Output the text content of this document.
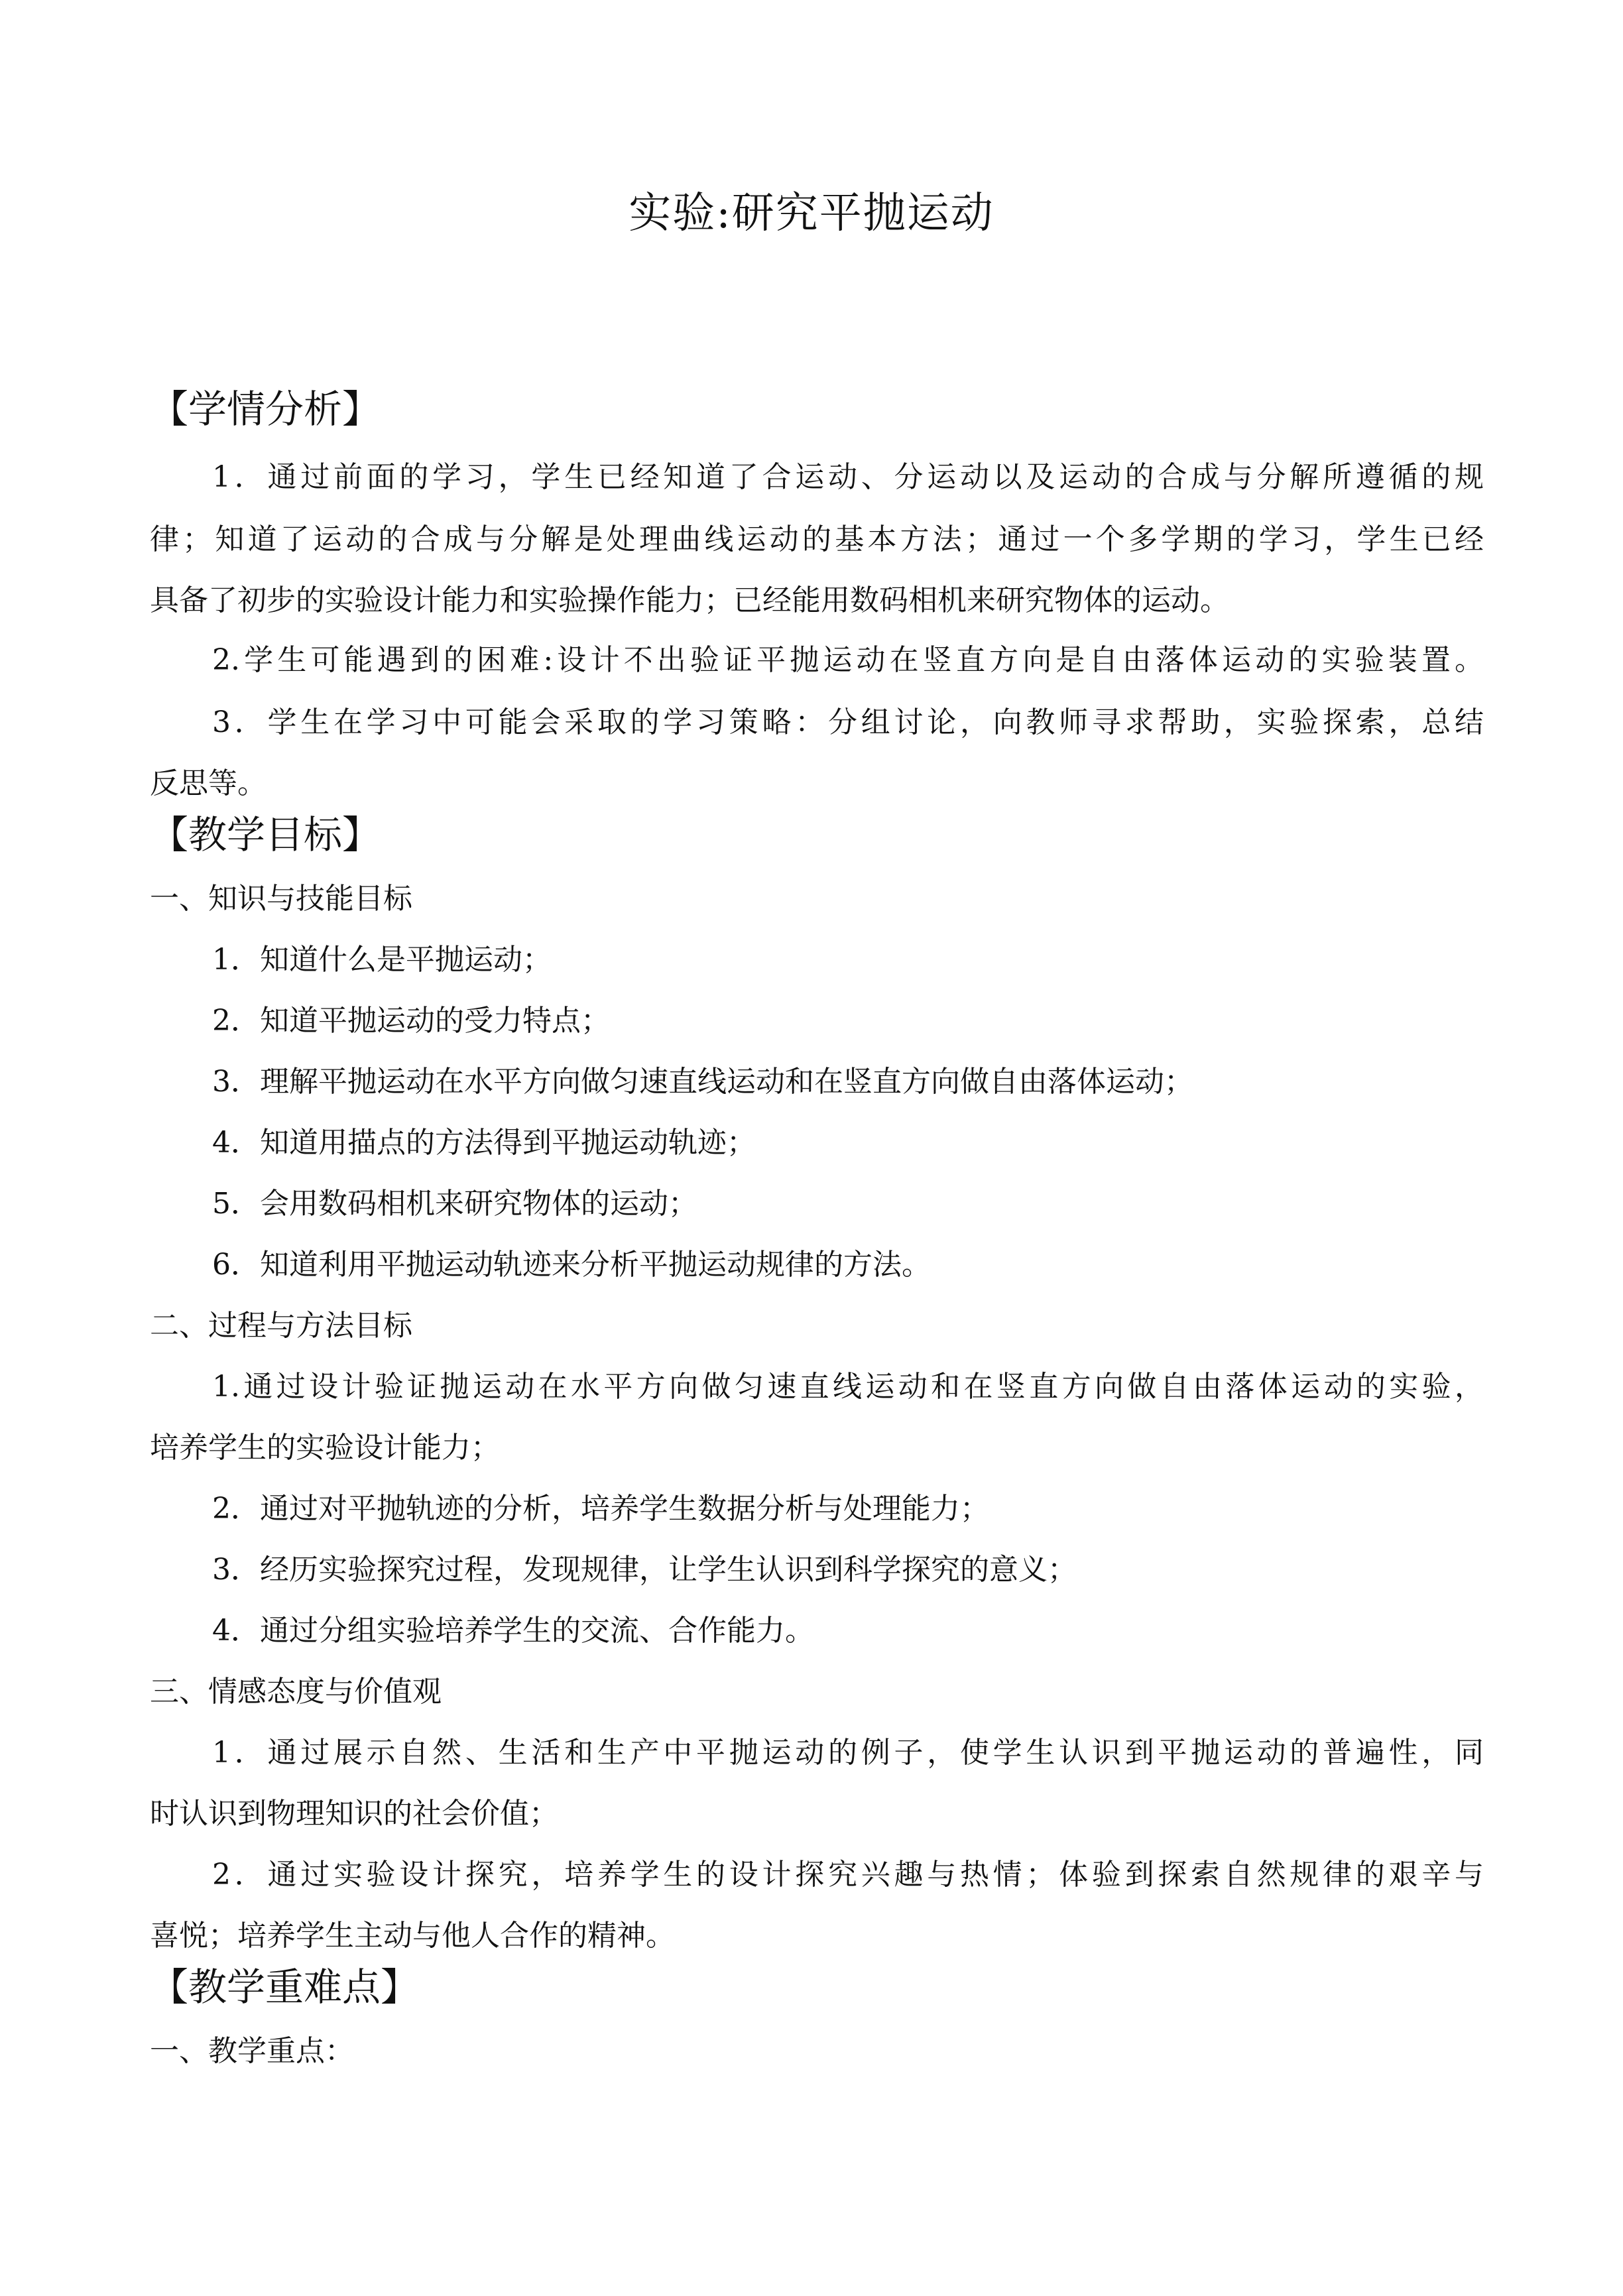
实验:研究平抛运动
【学情分析】
1．通过前面的学习，学生已经知道了合运动、分运动以及运动的合成与分解所遵循的规
律；知道了运动的合成与分解是处理曲线运动的基本方法；通过一个多学期的学习，学生已经
具备了初步的实验设计能力和实验操作能力；已经能用数码相机来研究物体的运动。
2.学生可能遇到的困难:设计不出验证平抛运动在竖直方向是自由落体运动的实验装置。
3．学生在学习中可能会采取的学习策略：分组讨论，向教师寻求帮助，实验探索，总结
反思等。
【教学目标】
一、知识与技能目标
1．知道什么是平抛运动；
2．知道平抛运动的受力特点；
3．理解平抛运动在水平方向做匀速直线运动和在竖直方向做自由落体运动；
4．知道用描点的方法得到平抛运动轨迹；
5．会用数码相机来研究物体的运动；
6．知道利用平抛运动轨迹来分析平抛运动规律的方法。
二、过程与方法目标
1.通过设计验证抛运动在水平方向做匀速直线运动和在竖直方向做自由落体运动的实验，
培养学生的实验设计能力；
2．通过对平抛轨迹的分析，培养学生数据分析与处理能力；
3．经历实验探究过程，发现规律，让学生认识到科学探究的意义；
4．通过分组实验培养学生的交流、合作能力。
三、情感态度与价值观
1．通过展示自然、生活和生产中平抛运动的例子，使学生认识到平抛运动的普遍性，同
时认识到物理知识的社会价值；
2．通过实验设计探究，培养学生的设计探究兴趣与热情；体验到探索自然规律的艰辛与
喜悦；培养学生主动与他人合作的精神。
【教学重难点】
一、教学重点：
